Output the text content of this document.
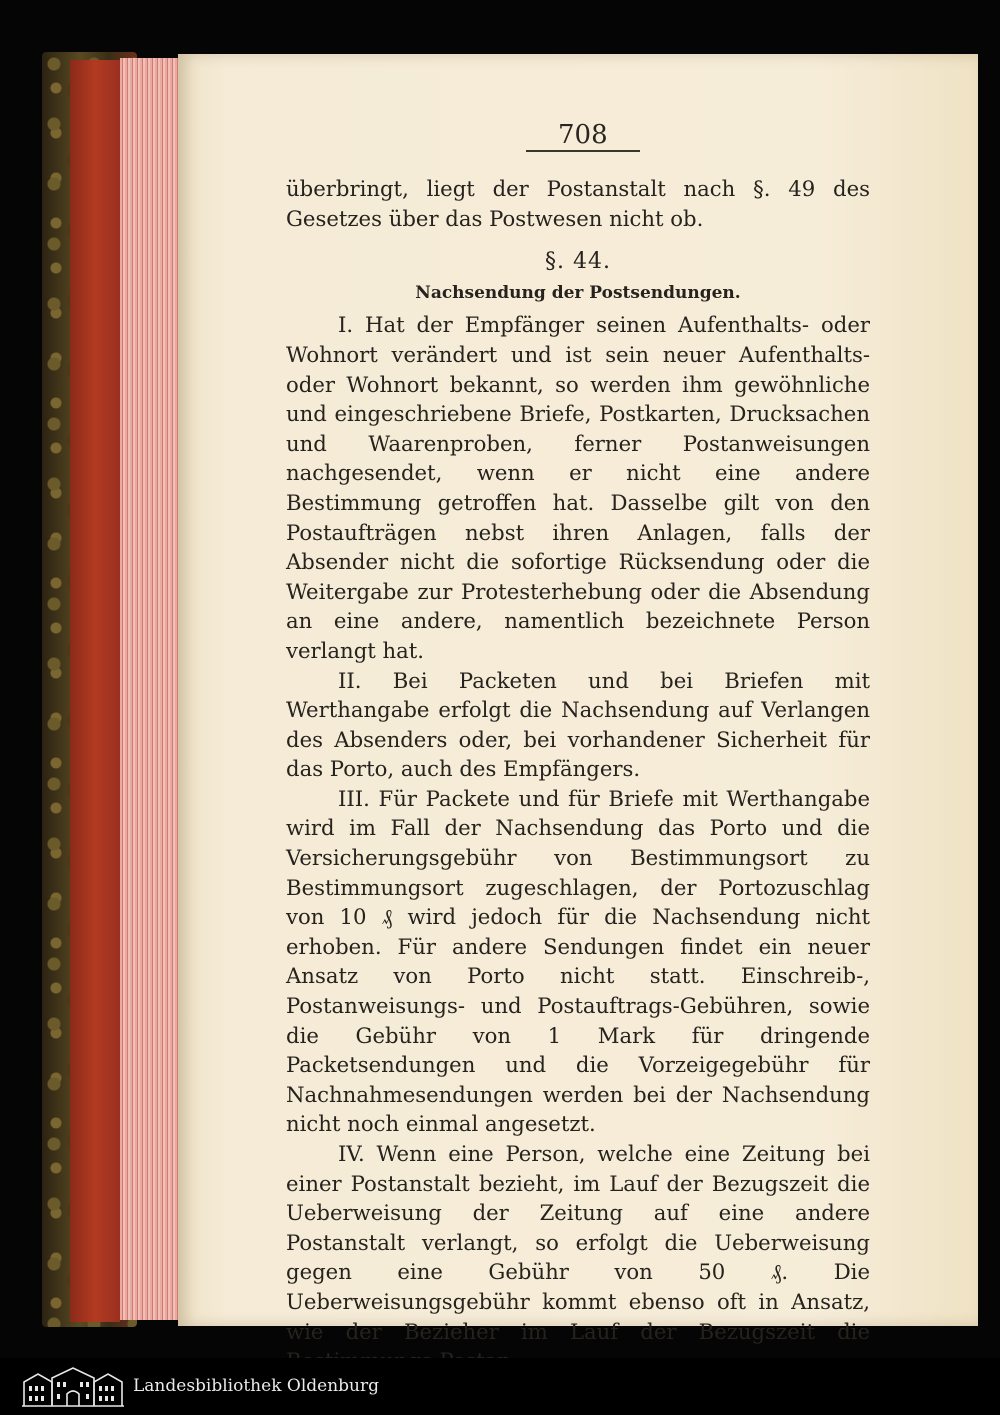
708

überbringt, liegt der Postanstalt nach §. 49 des Gesetzes über das Postwesen nicht ob.

§. 44.
Nachsendung der Postsendungen.

I. Hat der Empfänger seinen Aufenthalts- oder Wohnort verändert und ist sein neuer Aufenthalts- oder Wohnort bekannt, so werden ihm gewöhnliche und eingeschriebene Briefe, Postkarten, Drucksachen und Waarenproben, ferner Postanweisungen nachgesendet, wenn er nicht eine andere Bestimmung getroffen hat. Dasselbe gilt von den Postaufträgen nebst ihren Anlagen, falls der Absender nicht die sofortige Rücksendung oder die Weitergabe zur Protesterhebung oder die Absendung an eine andere, namentlich bezeichnete Person verlangt hat.

II. Bei Packeten und bei Briefen mit Werthangabe erfolgt die Nachsendung auf Verlangen des Absenders oder, bei vorhandener Sicherheit für das Porto, auch des Empfängers.

III. Für Packete und für Briefe mit Werthangabe wird im Fall der Nachsendung das Porto und die Versicherungsgebühr von Bestimmungsort zu Bestimmungsort zugeschlagen, der Portozuschlag von 10 ₰ wird jedoch für die Nachsendung nicht erhoben. Für andere Sendungen findet ein neuer Ansatz von Porto nicht statt. Einschreib-, Postanweisungs- und Postauftrags-Gebühren, sowie die Gebühr von 1 Mark für dringende Packetsendungen und die Vorzeigegebühr für Nachnahmesendungen werden bei der Nachsendung nicht noch einmal angesetzt.

IV. Wenn eine Person, welche eine Zeitung bei einer Postanstalt bezieht, im Lauf der Bezugszeit die Ueberweisung der Zeitung auf eine andere Postanstalt verlangt, so erfolgt die Ueberweisung gegen eine Gebühr von 50 ₰. Die Ueberweisungsgebühr kommt ebenso oft in Ansatz, wie der Bezieher im Lauf der Bezugszeit die

Landesbibliothek Oldenburg
